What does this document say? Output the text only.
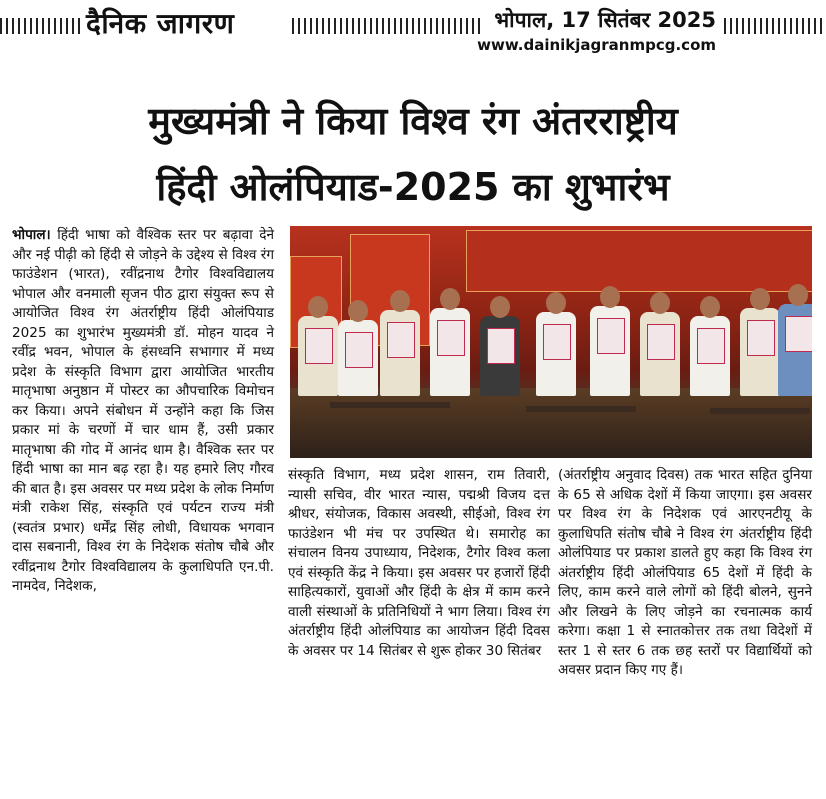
दैनिक जागरण	भोपाल, 17 सितंबर 2025
www.dainikjagranmpcg.com
मुख्यमंत्री ने किया विश्व रंग अंतरराष्ट्रीय
हिंदी ओलंपियाड-2025 का शुभारंभ

भोपाल। हिंदी भाषा को वैश्विक स्तर पर बढ़ावा देने और नई पीढ़ी को हिंदी से जोड़ने के उद्देश्य से विश्व रंग फाउंडेशन (भारत), रवींद्रनाथ टैगोर विश्वविद्यालय भोपाल और वनमाली सृजन पीठ द्वारा संयुक्त रूप से आयोजित विश्व रंग अंतर्राष्ट्रीय हिंदी ओलंपियाड 2025 का शुभारंभ मुख्यमंत्री डॉ. मोहन यादव ने रवींद्र भवन, भोपाल के हंसध्वनि सभागार में मध्य प्रदेश के संस्कृति विभाग द्वारा आयोजित भारतीय मातृभाषा अनुष्ठान में पोस्टर का औपचारिक विमोचन कर किया। अपने संबोधन में उन्होंने कहा कि जिस प्रकार मां के चरणों में चार धाम हैं, उसी प्रकार मातृभाषा की गोद में आनंद धाम है। वैश्विक स्तर पर हिंदी भाषा का मान बढ़ रहा है। यह हमारे लिए गौरव की बात है। इस अवसर पर मध्य प्रदेश के लोक निर्माण मंत्री राकेश सिंह, संस्कृति एवं पर्यटन राज्य मंत्री (स्वतंत्र प्रभार) धर्मेंद्र सिंह लोधी, विधायक भगवान दास सबनानी, विश्व रंग के निदेशक संतोष चौबे और रवींद्रनाथ टैगोर विश्वविद्यालय के कुलाधिपति एन.पी. नामदेव, निदेशक,

संस्कृति विभाग, मध्य प्रदेश शासन, राम तिवारी, न्यासी सचिव, वीर भारत न्यास, पद्मश्री विजय दत्त श्रीधर, संयोजक, विकास अवस्थी, सीईओ, विश्व रंग फाउंडेशन भी मंच पर उपस्थित थे। समारोह का संचालन विनय उपाध्याय, निदेशक, टैगोर विश्व कला एवं संस्कृति केंद्र ने किया। इस अवसर पर हजारों हिंदी साहित्यकारों, युवाओं और हिंदी के क्षेत्र में काम करने वाली संस्थाओं के प्रतिनिधियों ने भाग लिया। विश्व रंग अंतर्राष्ट्रीय हिंदी ओलंपियाड का आयोजन हिंदी दिवस के अवसर पर 14 सितंबर से शुरू होकर 30 सितंबर

(अंतर्राष्ट्रीय अनुवाद दिवस) तक भारत सहित दुनिया के 65 से अधिक देशों में किया जाएगा। इस अवसर पर विश्व रंग के निदेशक एवं आरएनटीयू के कुलाधिपति संतोष चौबे ने विश्व रंग अंतर्राष्ट्रीय हिंदी ओलंपियाड पर प्रकाश डालते हुए कहा कि विश्व रंग अंतर्राष्ट्रीय हिंदी ओलंपियाड 65 देशों में हिंदी के लिए, काम करने वाले लोगों को हिंदी बोलने, सुनने और लिखने के लिए जोड़ने का रचनात्मक कार्य करेगा। कक्षा 1 से स्नातकोत्तर तक तथा विदेशों में स्तर 1 से स्तर 6 तक छह स्तरों पर विद्यार्थियों को अवसर प्रदान किए गए हैं।
